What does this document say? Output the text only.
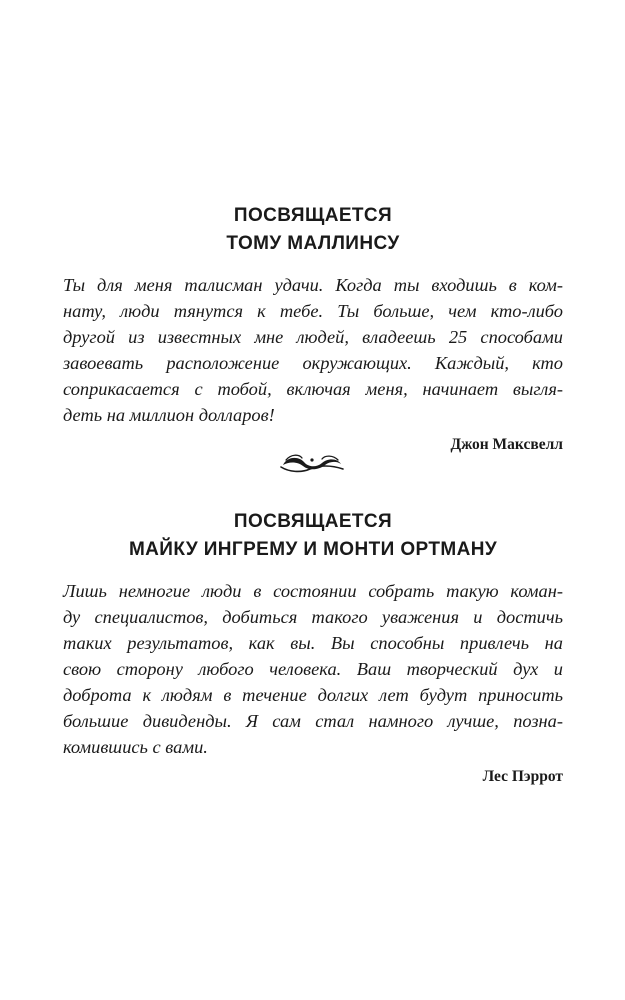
ПОСВЯЩАЕТСЯ
ТОМУ МАЛЛИНСУ
Ты для меня талисман удачи. Когда ты входишь в ком-
нату, люди тянутся к тебе. Ты больше, чем кто-либо
другой из известных мне людей, владеешь 25 способами
завоевать расположение окружающих. Каждый, кто
соприкасается с тобой, включая меня, начинает выгля-
деть на миллион долларов!
Джон Максвелл
ПОСВЯЩАЕТСЯ
МАЙКУ ИНГРЕМУ И МОНТИ ОРТМАНУ
Лишь немногие люди в состоянии собрать такую коман-
ду специалистов, добиться такого уважения и достичь
таких результатов, как вы. Вы способны привлечь на
свою сторону любого человека. Ваш творческий дух и
доброта к людям в течение долгих лет будут приносить
большие дивиденды. Я сам стал намного лучше, позна-
комившись с вами.
Лес Пэррот
